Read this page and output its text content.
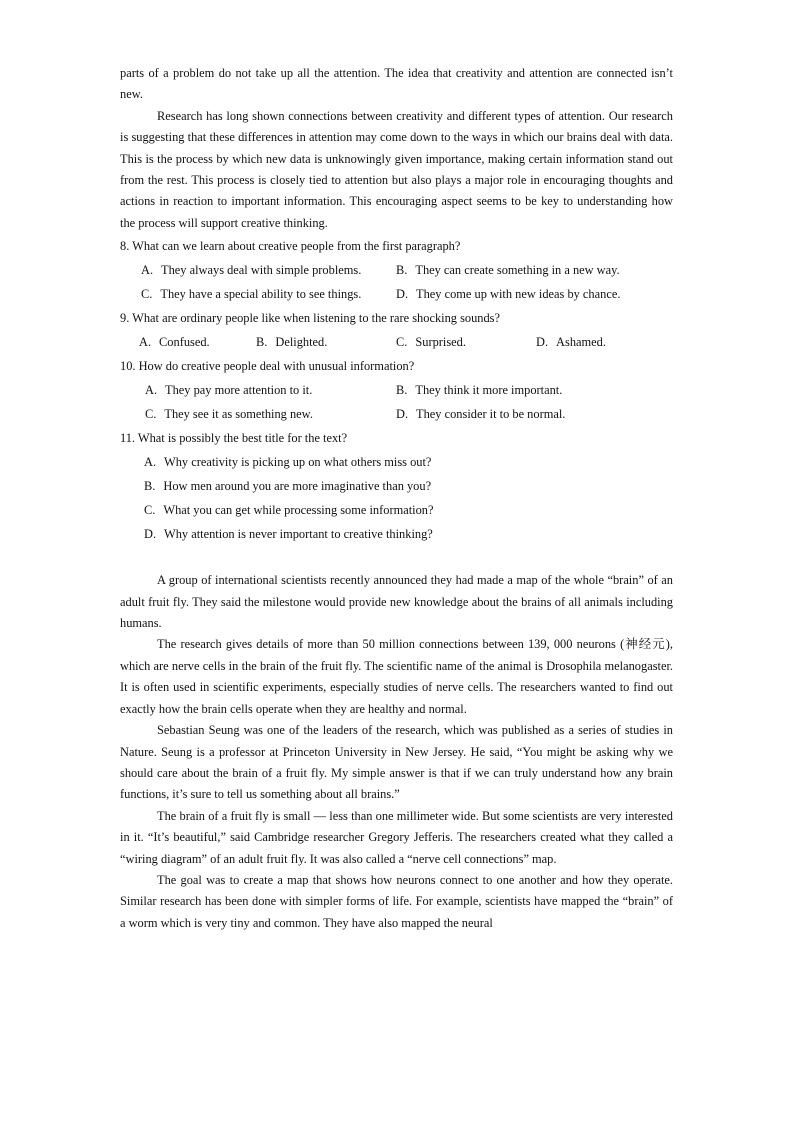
parts of a problem do not take up all the attention. The idea that creativity and attention are connected isn’t new.

Research has long shown connections between creativity and different types of attention. Our research is suggesting that these differences in attention may come down to the ways in which our brains deal with data. This is the process by which new data is unknowingly given importance, making certain information stand out from the rest. This process is closely tied to attention but also plays a major role in encouraging thoughts and actions in reaction to important information. This encouraging aspect seems to be key to understanding how the process will support creative thinking.

8. What can we learn about creative people from the first paragraph?
A. They always deal with simple problems.	B. They can create something in a new way.
C. They have a special ability to see things.	D. They come up with new ideas by chance.
9. What are ordinary people like when listening to the rare shocking sounds?
A. Confused.	B. Delighted.	C. Surprised.	D. Ashamed.
10. How do creative people deal with unusual information?
A. They pay more attention to it.	B. They think it more important.
C. They see it as something new.	D. They consider it to be normal.
11. What is possibly the best title for the text?
A. Why creativity is picking up on what others miss out?
B. How men around you are more imaginative than you?
C. What you can get while processing some information?
D. Why attention is never important to creative thinking?

A group of international scientists recently announced they had made a map of the whole “brain” of an adult fruit fly. They said the milestone would provide new knowledge about the brains of all animals including humans.

The research gives details of more than 50 million connections between 139, 000 neurons (神经元), which are nerve cells in the brain of the fruit fly. The scientific name of the animal is Drosophila melanogaster. It is often used in scientific experiments, especially studies of nerve cells. The researchers wanted to find out exactly how the brain cells operate when they are healthy and normal.

Sebastian Seung was one of the leaders of the research, which was published as a series of studies in Nature. Seung is a professor at Princeton University in New Jersey. He said, “You might be asking why we should care about the brain of a fruit fly. My simple answer is that if we can truly understand how any brain functions, it’s sure to tell us something about all brains.”

The brain of a fruit fly is small — less than one millimeter wide. But some scientists are very interested in it. “It’s beautiful,” said Cambridge researcher Gregory Jefferis. The researchers created what they called a “wiring diagram” of an adult fruit fly. It was also called a “nerve cell connections” map.

The goal was to create a map that shows how neurons connect to one another and how they operate. Similar research has been done with simpler forms of life. For example, scientists have mapped the “brain” of a worm which is very tiny and common. They have also mapped the neural
